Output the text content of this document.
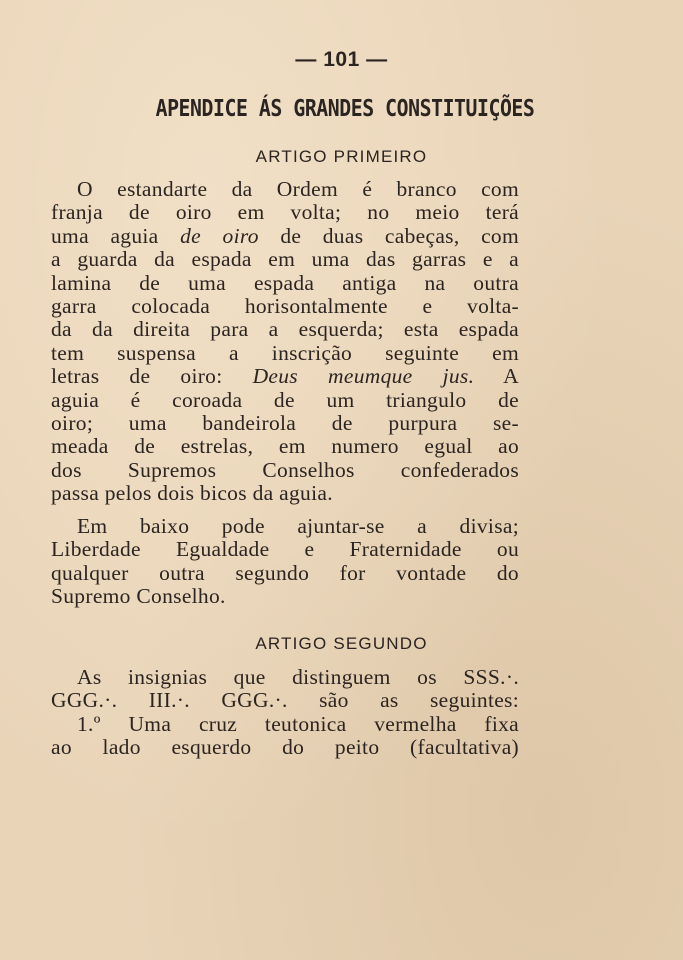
— 101 —
APENDICE ÁS GRANDES CONSTITUIÇÕES
ARTIGO PRIMEIRO
O estandarte da Ordem é branco com
franja de oiro em volta; no meio terá
uma aguia de oiro de duas cabeças, com
a guarda da espada em uma das garras e a
lamina de uma espada antiga na outra
garra colocada horisontalmente e volta-
da da direita para a esquerda; esta espada
tem suspensa a inscrição seguinte em
letras de oiro: Deus meumque jus. A
aguia é coroada de um triangulo de
oiro; uma bandeirola de purpura se-
meada de estrelas, em numero egual ao
dos Supremos Conselhos confederados
passa pelos dois bicos da aguia.
Em baixo pode ajuntar-se a divisa;
Liberdade Egualdade e Fraternidade ou
qualquer outra segundo for vontade do
Supremo Conselho.
ARTIGO SEGUNDO
As insignias que distinguem os SSS.·.
GGG.·. III.·. GGG.·. são as seguintes:
1.º Uma cruz teutonica vermelha fixa
ao lado esquerdo do peito (facultativa)
